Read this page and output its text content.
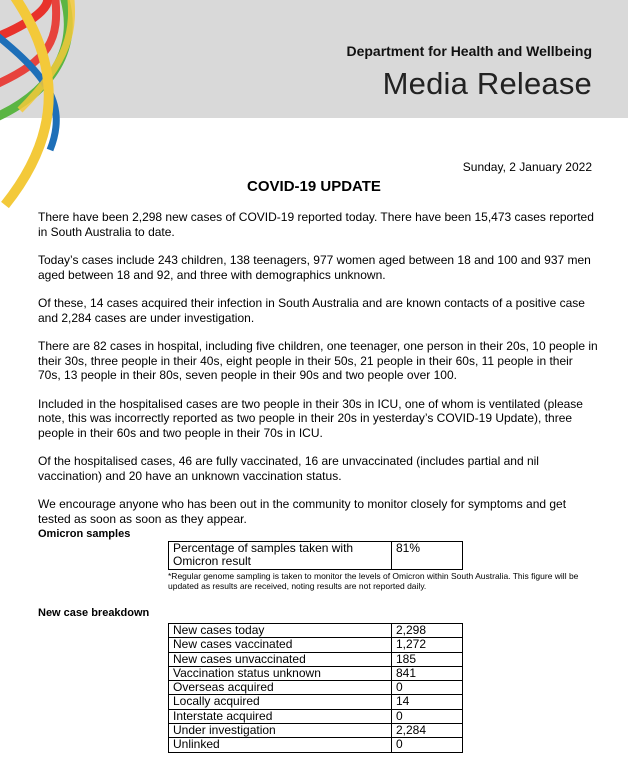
Department for Health and Wellbeing
Media Release
Sunday, 2 January 2022
COVID-19 UPDATE

There have been 2,298 new cases of COVID-19 reported today. There have been 15,473 cases reported in South Australia to date.

Today’s cases include 243 children, 138 teenagers, 977 women aged between 18 and 100 and 937 men aged between 18 and 92, and three with demographics unknown.

Of these, 14 cases acquired their infection in South Australia and are known contacts of a positive case and 2,284 cases are under investigation.

There are 82 cases in hospital, including five children, one teenager, one person in their 20s, 10 people in their 30s, three people in their 40s, eight people in their 50s, 21 people in their 60s, 11 people in their 70s, 13 people in their 80s, seven people in their 90s and two people over 100.

Included in the hospitalised cases are two people in their 30s in ICU, one of whom is ventilated (please note, this was incorrectly reported as two people in their 20s in yesterday’s COVID-19 Update), three people in their 60s and two people in their 70s in ICU.

Of the hospitalised cases, 46 are fully vaccinated, 16 are unvaccinated (includes partial and nil vaccination) and 20 have an unknown vaccination status.

We encourage anyone who has been out in the community to monitor closely for symptoms and get tested as soon as soon as they appear.

Omicron samples
Percentage of samples taken with Omicron result	81%
*Regular genome sampling is taken to monitor the levels of Omicron within South Australia. This figure will be updated as results are received, noting results are not reported daily.
New case breakdown
New cases today	2,298
New cases vaccinated	1,272
New cases unvaccinated	185
Vaccination status unknown	841
Overseas acquired	0
Locally acquired	14
Interstate acquired	0
Under investigation	2,284
Unlinked	0
